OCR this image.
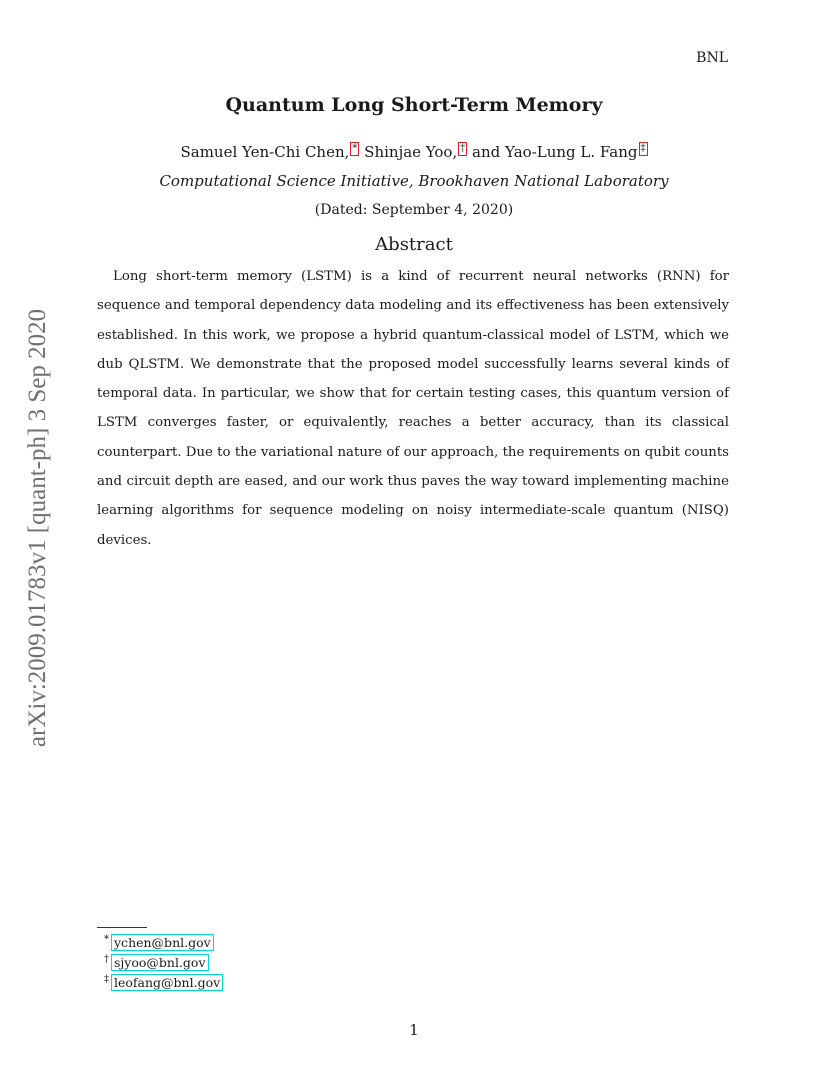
BNL
Quantum Long Short-Term Memory
Samuel Yen-Chi Chen, * Shinjae Yoo, † and Yao-Lung L. Fang ‡
Computational Science Initiative, Brookhaven National Laboratory
(Dated: September 4, 2020)
Abstract

Long short-term memory (LSTM) is a kind of recurrent neural networks (RNN) for sequence and temporal dependency data modeling and its effectiveness has been extensively established. In this work, we propose a hybrid quantum-classical model of LSTM, which we dub QLSTM. We demonstrate that the proposed model successfully learns several kinds of temporal data. In particular, we show that for certain testing cases, this quantum version of LSTM converges faster, or equivalently, reaches a better accuracy, than its classical counterpart. Due to the variational nature of our approach, the requirements on qubit counts and circuit depth are eased, and our work thus paves the way toward implementing machine learning algorithms for sequence modeling on noisy intermediate-scale quantum (NISQ) devices.

arXiv:2009.01783v1 [quant-ph] 3 Sep 2020
* ychen@bnl.gov
† sjyoo@bnl.gov
‡ leofang@bnl.gov
1
